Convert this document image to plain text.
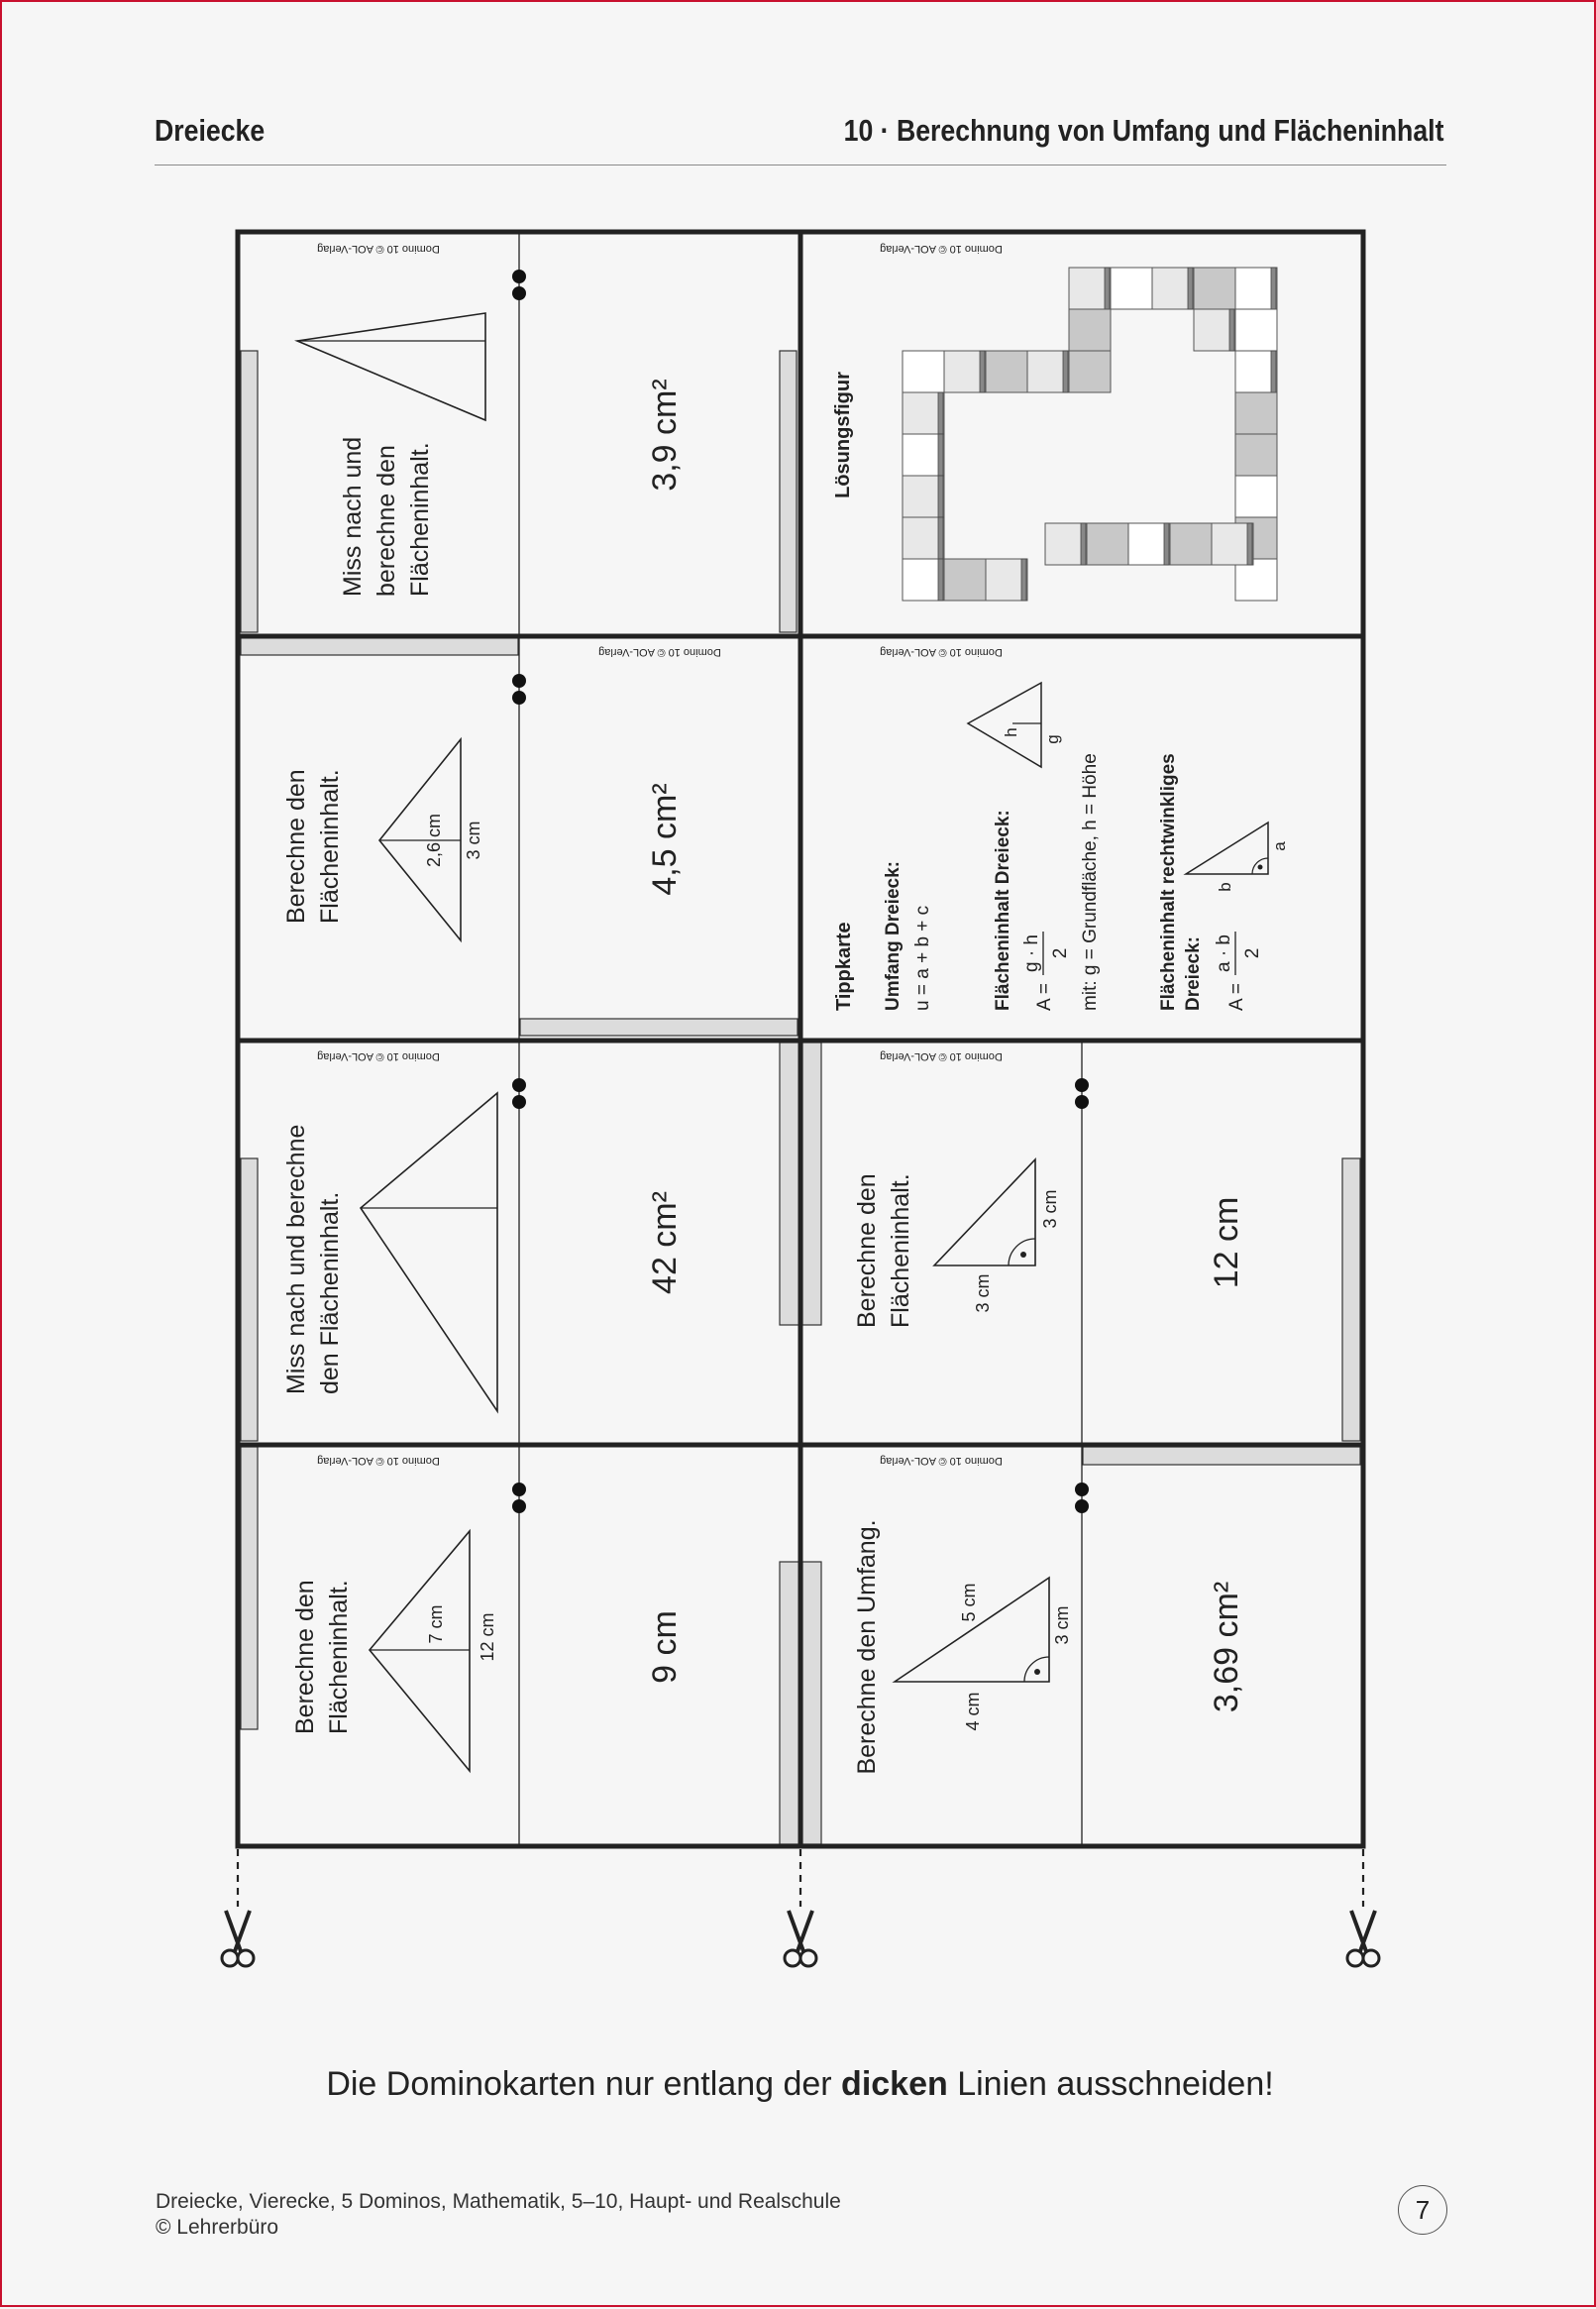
Dreiecke	10 · Berechnung von Umfang und Flächeninhalt
Domino 10 © AOL-Verlag
Miss nach und berechne den Flächeninhalt.
3,9 cm²
Domino 10 © AOL-Verlag
2,6 cm 3 cm
Berechne den Flächeninhalt.	4,5 cm²
Domino 10 © AOL-Verlag
Miss nach und berechne den Flächeninhalt.	42 cm²
Domino 10 © AOL-Verlag
7 cm 12 cm
Berechne den Flächeninhalt.	9 cm
Domino 10 © AOL-Verlag
Lösungsfigur
Domino 10 © AOL-Verlag
Tippkarte Umfang Dreieck: u = a + b + c	Flächeninhalt Dreieck: A =
g · h 2 mit: g = Grundfläche, h = Höhe
h
g
Flächeninhalt rechtwinkliges Dreieck: A =
a · b 2
a
b
Domino 10 © AOL-Verlag
3 cm
3 cm
Berechne den Flächeninhalt.	12 cm
Domino 10 © AOL-Verlag
5 cm
3 cm
4 cm
Berechne den Umfang.	3,69 cm²
Die Dominokarten nur entlang der dicken Linien ausschneiden!
Dreiecke, Vierecke, 5 Dominos, Mathematik, 5–10, Haupt- und Realschule
© Lehrerbüro
7
